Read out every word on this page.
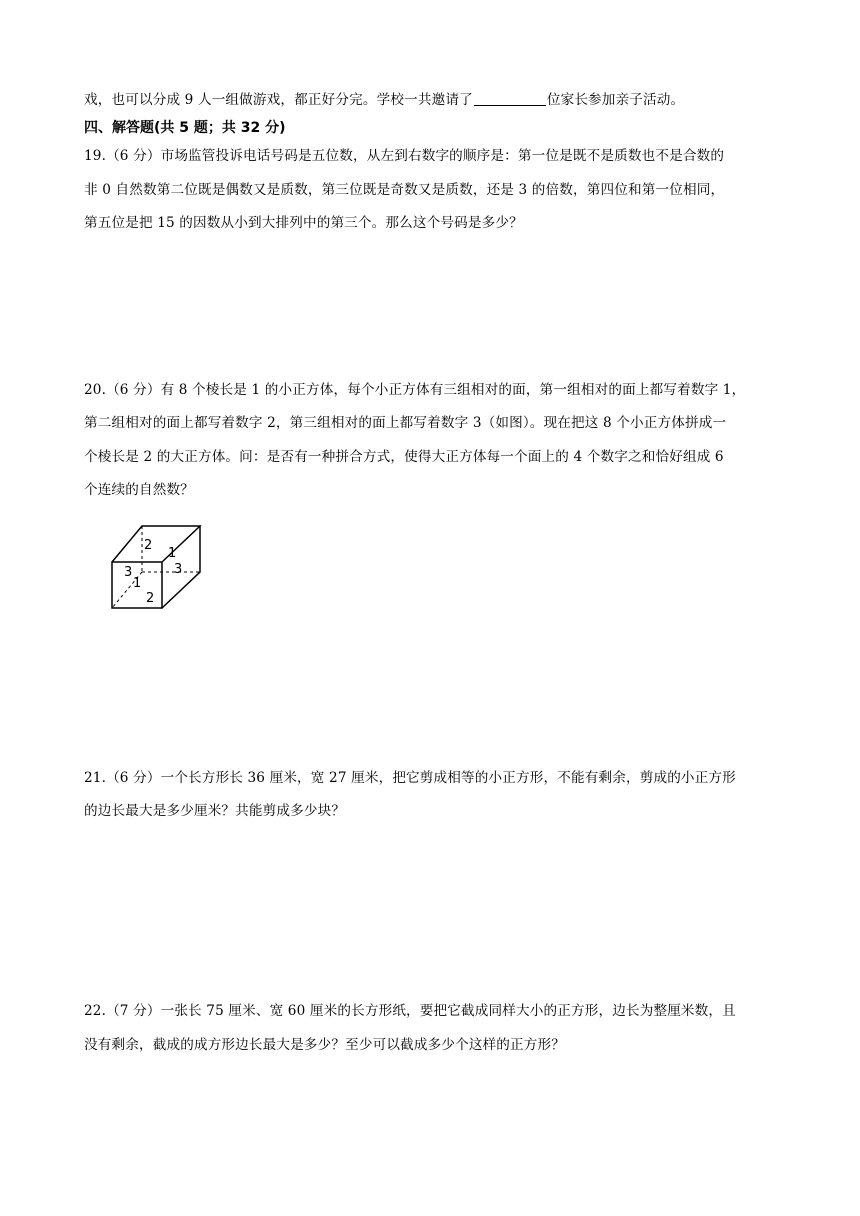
戏，也可以分成 9 人一组做游戏，都正好分完。学校一共邀请了	位家长参加亲子活动。
四、解答题(共 5 题；共 32 分)
19.（6 分）市场监管投诉电话号码是五位数，从左到右数字的顺序是：第一位是既不是质数也不是合数的
非 0 自然数第二位既是偶数又是质数，第三位既是奇数又是质数，还是 3 的倍数，第四位和第一位相同，
第五位是把 15 的因数从小到大排列中的第三个。那么这个号码是多少？
20.（6 分）有 8 个棱长是 1 的小正方体，每个小正方体有三组相对的面，第一组相对的面上都写着数字 1，
第二组相对的面上都写着数字 2，第三组相对的面上都写着数字 3（如图）。现在把这 8 个小正方体拼成一
个棱长是 2 的大正方体。问：是否有一种拼合方式，使得大正方体每一个面上的 4 个数字之和恰好组成 6
个连续的自然数？
2
1
3
3
1
2
21.（6 分）一个长方形长 36 厘米，宽 27 厘米，把它剪成相等的小正方形，不能有剩余，剪成的小正方形
的边长最大是多少厘米？共能剪成多少块？
22.（7 分）一张长 75 厘米、宽 60 厘米的长方形纸，要把它截成同样大小的正方形，边长为整厘米数，且
没有剩余，截成的成方形边长最大是多少？至少可以截成多少个这样的正方形？
